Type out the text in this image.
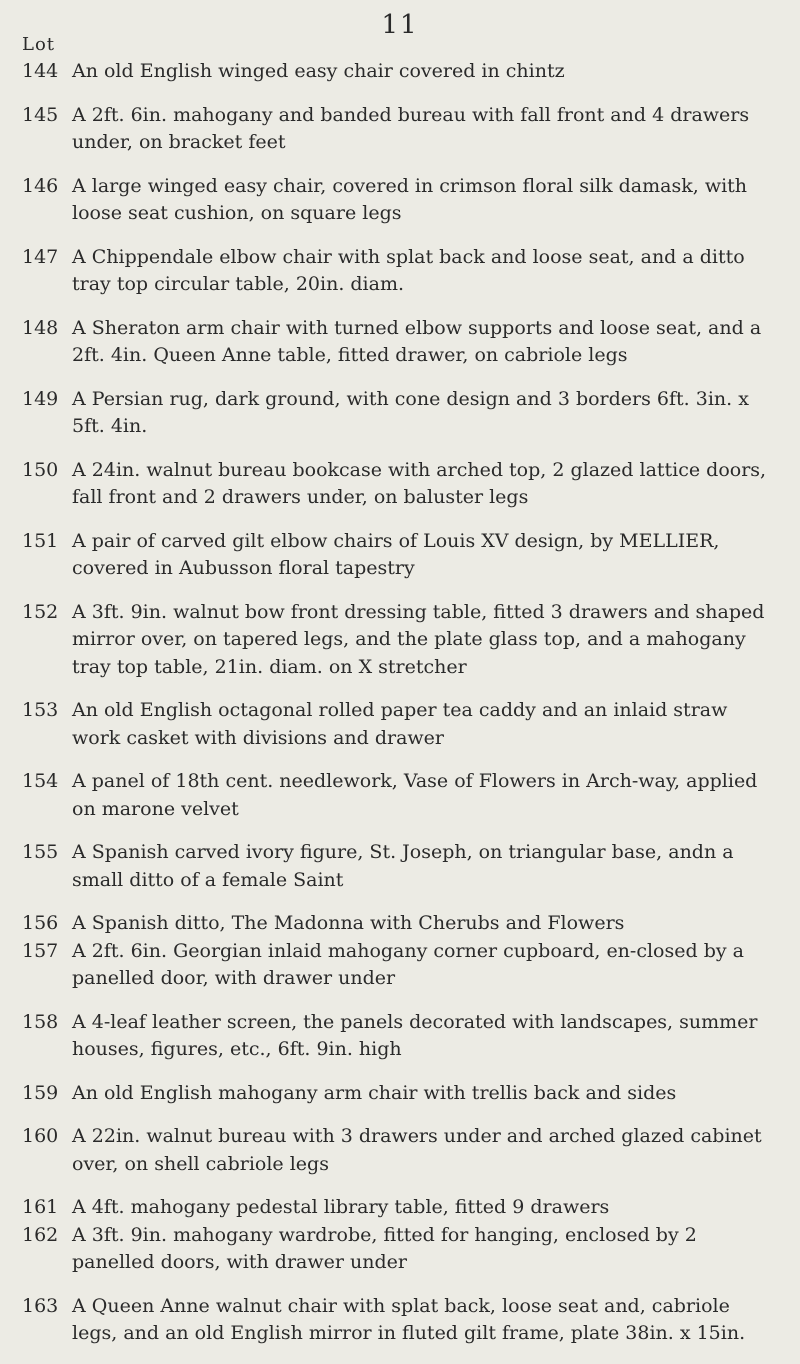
11
Lot
144 An old English winged easy chair covered in chintz
145 A 2ft. 6in. mahogany and banded bureau with fall front and 4 drawers under, on bracket feet
146 A large winged easy chair, covered in crimson floral silk damask, with loose seat cushion, on square legs
147 A Chippendale elbow chair with splat back and loose seat, and a ditto tray top circular table, 20in. diam.
148 A Sheraton arm chair with turned elbow supports and loose seat, and a 2ft. 4in. Queen Anne table, fitted drawer, on cabriole legs
149 A Persian rug, dark ground, with cone design and 3 borders 6ft. 3in. x 5ft. 4in.
150 A 24in. walnut bureau bookcase with arched top, 2 glazed lattice doors, fall front and 2 drawers under, on baluster legs
151 A pair of carved gilt elbow chairs of Louis XV design, by MELLIER, covered in Aubusson floral tapestry
152 A 3ft. 9in. walnut bow front dressing table, fitted 3 drawers and shaped mirror over, on tapered legs, and the plate glass top, and a mahogany tray top table, 21in. diam. on X stretcher
153 An old English octagonal rolled paper tea caddy and an inlaid straw work casket with divisions and drawer
154 A panel of 18th cent. needlework, Vase of Flowers in Arch-way, applied on marone velvet
155 A Spanish carved ivory figure, St. Joseph, on triangular base, andn a small ditto of a female Saint
156 A Spanish ditto, The Madonna with Cherubs and Flowers
157 A 2ft. 6in. Georgian inlaid mahogany corner cupboard, en-closed by a panelled door, with drawer under
158 A 4-leaf leather screen, the panels decorated with landscapes, summer houses, figures, etc., 6ft. 9in. high
159 An old English mahogany arm chair with trellis back and sides
160 A 22in. walnut bureau with 3 drawers under and arched glazed cabinet over, on shell cabriole legs
161 A 4ft. mahogany pedestal library table, fitted 9 drawers
162 A 3ft. 9in. mahogany wardrobe, fitted for hanging, enclosed by 2 panelled doors, with drawer under
163 A Queen Anne walnut chair with splat back, loose seat and, cabriole legs, and an old English mirror in fluted gilt frame, plate 38in. x 15in.
